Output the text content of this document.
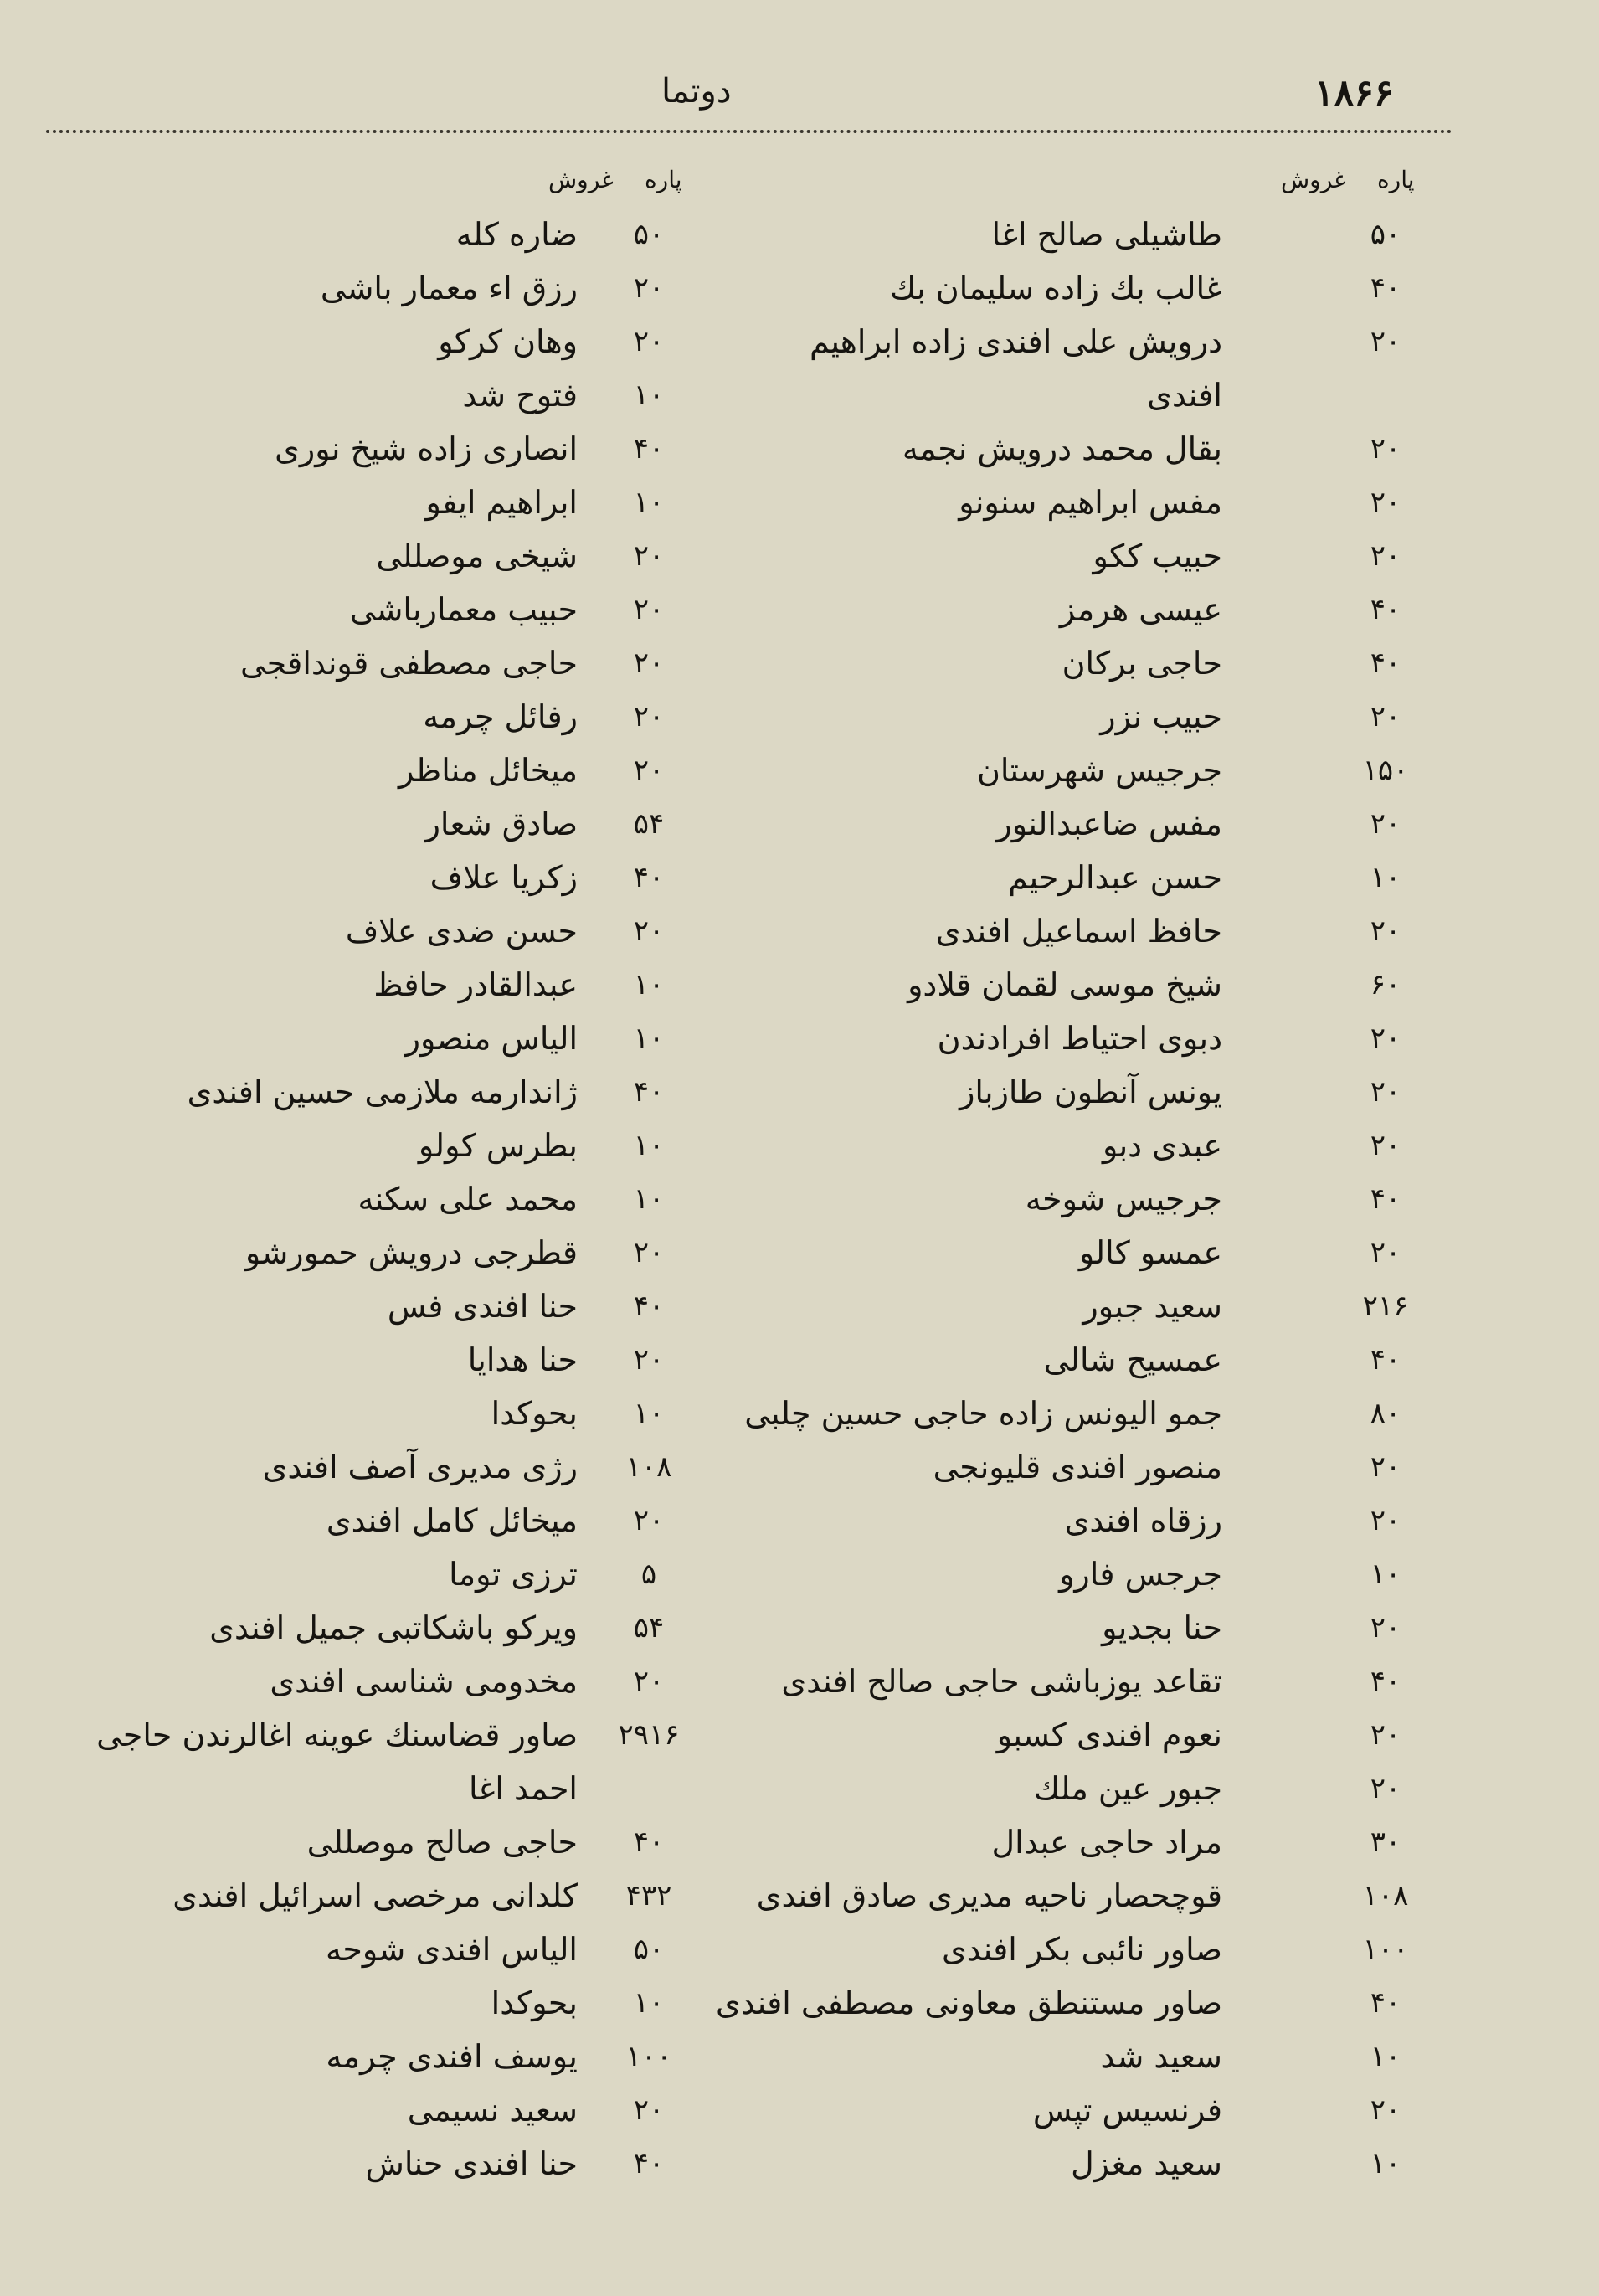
۱۸۶۶
دوتما
غروش پاره
۵۰
طاشیلی صالح اغا
۴۰
غالب بك زاده سلیمان بك
۲۰
درویش علی افندی زاده ابراهیم
افندی
۲۰
بقال محمد درویش نجمه
۲۰
مفس ابراهیم سنونو
۲۰
حبیب ككو
۴۰
عیسی هرمز
۴۰
حاجی بركان
۲۰
حبیب نزر
۱۵۰
جرجیس شهرستان
۲۰
مفس ضاعبدالنور
۱۰
حسن عبدالرحیم
۲۰
حافظ اسماعیل افندی
۶۰
شیخ موسی لقمان قلادو
۲۰
دبوی احتیاط افرادندن
۲۰
یونس آنطون طازباز
۲۰
عبدی دبو
۴۰
جرجیس شوخه
۲۰
عمسو كالو
۲۱۶
سعید جبور
۴۰
عمسیح شالی
۸۰
جمو الیونس زاده حاجی حسین چلبی
۲۰
منصور افندی قلیونجی
۲۰
رزقاه افندی
۱۰
جرجس فارو
۲۰
حنا بجدیو
۴۰
تقاعد یوزباشی حاجی صالح افندی
۲۰
نعوم افندی كسبو
۲۰
جبور عین ملك
۳۰
مراد حاجی عبدال
۱۰۸
قوچحصار ناحیه مدیری صادق افندی
۱۰۰
صاور نائبی بكر افندی
۴۰
صاور مستنطق معاونی مصطفی افندی
۱۰
سعید شد
۲۰
فرنسیس تپس
۱۰
سعید مغزل
غروش پاره
۵۰
ضاره كله
۲۰
رزق اء معمار باشی
۲۰
وهان كركو
۱۰
فتوح شد
۴۰
انصاری زاده شیخ نوری
۱۰
ابراهیم ایفو
۲۰
شیخی موصللی
۲۰
حبیب معمارباشی
۲۰
حاجی مصطفی قونداقجی
۲۰
رفائل چرمه
۲۰
میخائل مناظر
۵۴
صادق شعار
۴۰
زكریا علاف
۲۰
حسن ضدی علاف
۱۰
عبدالقادر حافظ
۱۰
الیاس منصور
۴۰
ژاندارمه ملازمی حسین افندی
۱۰
بطرس كولو
۱۰
محمد علی سكنه
۲۰
قطرجی درویش حمورشو
۴۰
حنا افندی فس
۲۰
حنا هدایا
۱۰
بحوكدا
۱۰۸
رژی مدیری آصف افندی
۲۰
میخائل كامل افندی
۵
ترزی توما
۵۴
ویركو باشكاتبی جمیل افندی
۲۰
مخدومی شناسی افندی
۲۹۱۶
صاور قضاسنك عوینه اغالرندن حاجی
احمد اغا
۴۰
حاجی صالح موصللی
۴۳۲
كلدانی مرخصی اسرائیل افندی
۵۰
الیاس افندی شوحه
۱۰
بحوكدا
۱۰۰
یوسف افندی چرمه
۲۰
سعید نسیمی
۴۰
حنا افندی حناش
